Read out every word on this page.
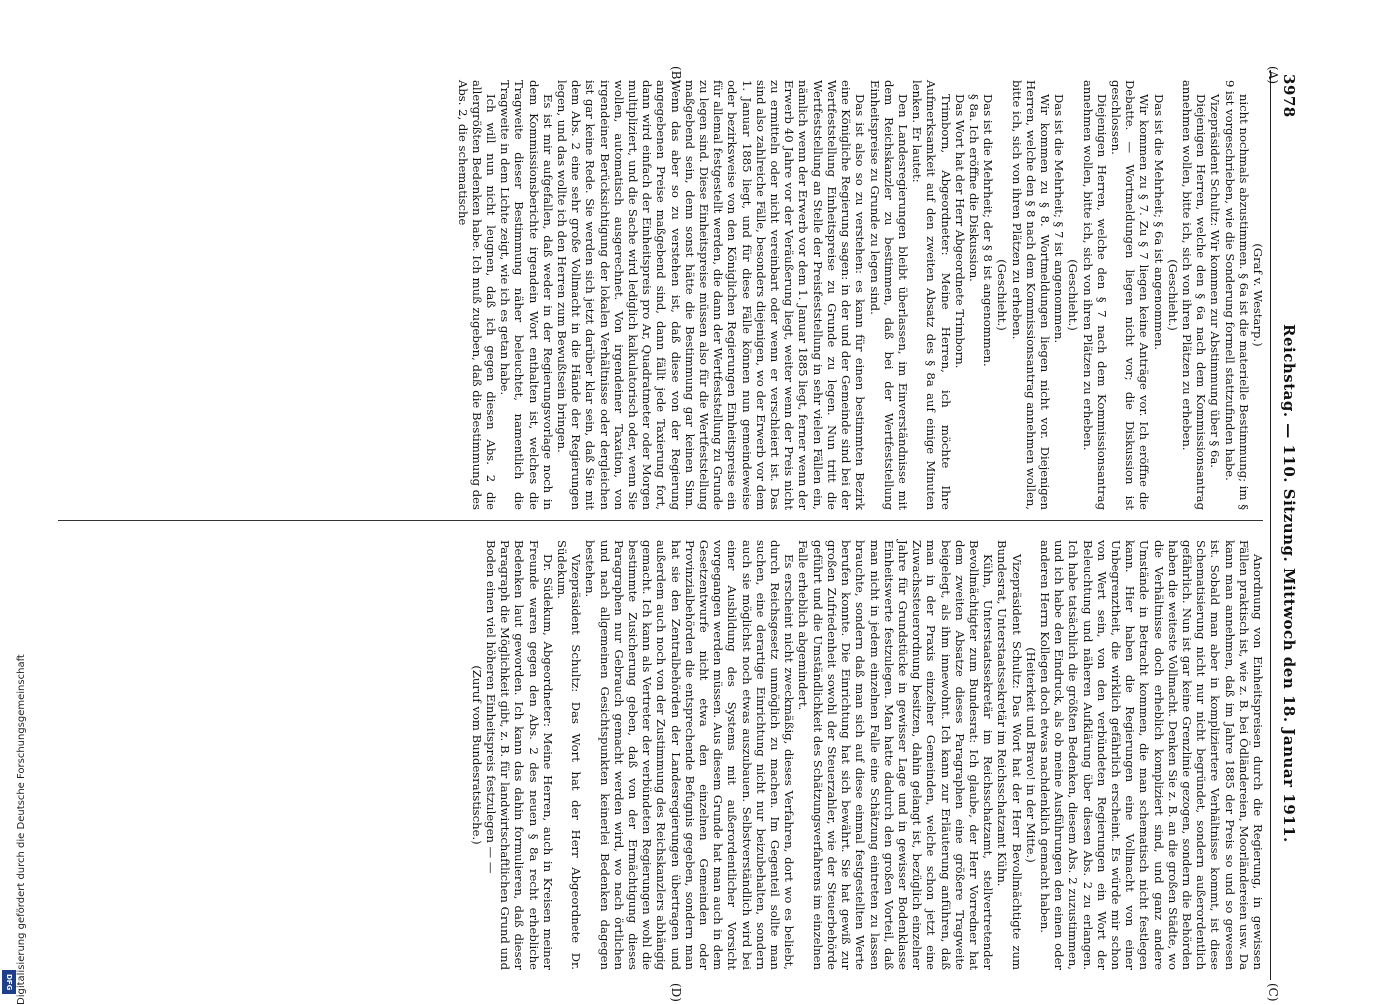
3978
Reichstag. — 110. Sitzung. Mittwoch den 18. Januar 1911.
(A)
(B)
(C)
(D)

(Graf v. Westarp.)

nicht nochmals abzustimmen. § 6a ist die materielle Bestimmung; im § 9 ist vorgeschrieben, wie die Sonderung formell stattzufinden habe.

Vizepräsident Schultz: Wir kommen zur Abstimmung über § 6a.

Diejenigen Herren, welche den § 6a nach dem Kommissionsantrag annehmen wollen, bitte ich, sich von ihren Plätzen zu erheben.

(Geschieht.)

Das ist die Mehrheit; § 6a ist angenommen.

Wir kommen zu § 7. Zu § 7 liegen keine Anträge vor. Ich eröffne die Debatte. — Wortmeldungen liegen nicht vor; die Diskussion ist geschlossen.

Diejenigen Herren, welche den § 7 nach dem Kommissionsantrag annehmen wollen, bitte ich, sich von ihren Plätzen zu erheben.

(Geschieht.)

Das ist die Mehrheit; § 7 ist angenommen.

Wir kommen zu § 8. Wortmeldungen liegen nicht vor. Diejenigen Herren, welche den § 8 nach dem Kommissionsantrag annehmen wollen, bitte ich, sich von ihren Plätzen zu erheben.

(Geschieht.)

Das ist die Mehrheit; der § 8 ist angenommen.

§ 8a. Ich eröffne die Diskussion.

Das Wort hat der Herr Abgeordnete Trimborn.

Trimborn, Abgeordneter: Meine Herren, ich möchte Ihre Aufmerksamkeit auf den zweiten Absatz des § 8a auf einige Minuten lenken. Er lautet:

Den Landesregierungen bleibt überlassen, im Einverständnisse mit dem Reichskanzler zu bestimmen, daß bei der Wertfeststellung Einheitspreise zu Grunde zu legen sind.

Das ist also so zu verstehen: es kann für einen bestimmten Bezirk eine Königliche Regierung sagen: in der und der Gemeinde sind bei der Wertfeststellung Einheitspreise zu Grunde zu legen. Nun tritt die Wertfeststellung an Stelle der Preisfeststellung in sehr vielen Fällen ein, nämlich wenn der Erwerb vor dem 1. Januar 1885 liegt, ferner wenn der Erwerb 40 Jahre vor der Veräußerung liegt, weiter wenn der Preis nicht zu ermitteln oder nicht vereinbart oder wenn er verschleiert ist. Das sind also zahlreiche Fälle, besonders diejenigen, wo der Erwerb vor dem 1. Januar 1885 liegt, und für diese Fälle können nun gemeindeweise oder bezirksweise von den Königlichen Regierungen Einheitspreise ein für allemal festgestellt werden, die dann der Wertfeststellung zu Grunde zu legen sind. Diese Einheitspreise müssen also für die Wertfeststellung maßgebend sein, denn sonst hätte die Bestimmung gar keinen Sinn. Wenn das aber so zu verstehen ist, daß diese von der Regierung angegebenen Preise maßgebend sind, dann fällt jede Taxierung fort, dann wird einfach der Einheitspreis pro Ar, Quadratmeter oder Morgen multipliziert, und die Sache wird lediglich kalkulatorisch oder, wenn Sie wollen, automatisch ausgerechnet. Von irgendeiner Taxation, von irgendeiner Berücksichtigung der lokalen Verhältnisse oder dergleichen ist gar keine Rede. Sie werden sich jetzt darüber klar sein, daß Sie mit dem Abs. 2 eine sehr große Vollmacht in die Hände der Regierungen legen, und das wollte ich den Herren zum Bewußtsein bringen.

Es ist mir aufgefallen, daß weder in der Regierungsvorlage noch in dem Kommissionsberichte irgendein Wort enthalten ist, welches die Tragweite dieser Bestimmung näher beleuchtet, namentlich die Tragweite in dem Lichte zeigt, wie ich es getan habe.

Ich will nun nicht leugnen, daß ich gegen diesen Abs. 2 die allergrößten Bedenken habe. Ich muß zugeben, daß die Bestimmung des Abs. 2, die schematische

Anordnung von Einheitspreisen durch die Regierung, in gewissen Fällen praktisch ist, wie z. B. bei Ödländereien, Moorländereien usw. Da kann man annehmen, daß im Jahre 1885 der Preis so und so gewesen ist. Sobald man aber in kompliziertere Verhältnisse kommt, ist diese Schematisierung nicht nur nicht begründet, sondern außerordentlich gefährlich. Nun ist gar keine Grenzlinie gezogen, sondern die Behörden haben die weiteste Vollmacht. Denken Sie z. B. an die großen Städte, wo die Verhältnisse doch erheblich kompliziert sind, und ganz andere Umstände in Betracht kommen, die man schematisch nicht festlegen kann. Hier haben die Regierungen eine Vollmacht von einer Unbegrenztheit, die wirklich gefährlich erscheint. Es würde mir schon von Wert sein, von den verbündeten Regierungen ein Wort der Beleuchtung und näheren Aufklärung über diesen Abs. 2 zu erlangen. Ich habe tatsächlich die größten Bedenken, diesem Abs. 2 zuzustimmen, und ich habe den Eindruck, als ob meine Ausführungen den einen oder anderen Herrn Kollegen doch etwas nachdenklich gemacht haben.

(Heiterkeit und Bravo! in der Mitte.)

Vizepräsident Schultz: Das Wort hat der Herr Bevollmächtigte zum Bundesrat, Unterstaatssekretär im Reichsschatzamt Kühn.

Kühn, Unterstaatssekretär im Reichsschatzamt, stellvertretender Bevollmächtigter zum Bundesrat: Ich glaube, der Herr Vorredner hat dem zweiten Absatze dieses Paragraphen eine größere Tragweite beigelegt, als ihm innewohnt. Ich kann zur Erläuterung anführen, daß man in der Praxis einzelner Gemeinden, welche schon jetzt eine Zuwachssteuerordnung besitzen, dahin gelangt ist, bezüglich einzelner Jahre für Grundstücke in gewisser Lage und in gewisser Bodenklasse Einheitswerte festzulegen. Man hatte dadurch den großen Vorteil, daß man nicht in jedem einzelnen Falle eine Schätzung eintreten zu lassen brauchte, sondern daß man sich auf diese einmal festgestellten Werte berufen konnte. Die Einrichtung hat sich bewährt. Sie hat gewiß zur großen Zufriedenheit sowohl der Steuerzahler, wie der Steuerbehörde geführt und die Umständlichkeit des Schätzungsverfahrens im einzelnen Falle erheblich abgemindert.

Es erscheint nicht zweckmäßig, dieses Verfahren, dort wo es beliebt, durch Reichsgesetz unmöglich zu machen. Im Gegenteil sollte man suchen, eine derartige Einrichtung nicht nur beizubehalten, sondern auch sie möglichst noch etwas auszubauen. Selbstverständlich wird bei einer Ausbildung des Systems mit außerordentlicher Vorsicht vorgegangen werden müssen. Aus diesem Grunde hat man auch in dem Gesetzentwurfe nicht etwa den einzelnen Gemeinden oder Provinzialbehörden die entsprechende Befugnis gegeben, sondern man hat sie den Zentralbehörden der Landesregierungen übertragen und außerdem auch noch von der Zustimmung des Reichskanzlers abhängig gemacht. Ich kann als Vertreter der verbündeten Regierungen wohl die bestimmte Zusicherung geben, daß von der Ermächtigung dieses Paragraphen nur Gebrauch gemacht werden wird, wo nach örtlichen und nach allgemeinen Gesichtspunkten keinerlei Bedenken dagegen bestehen.

Vizepräsident Schultz: Das Wort hat der Herr Abgeordnete Dr. Südekum.

Dr. Südekum, Abgeordneter: Meine Herren, auch in Kreisen meiner Freunde waren gegen den Abs. 2 des neuen § 8a recht erhebliche Bedenken laut geworden. Ich kann das dahin formulieren, daß dieser Paragraph die Möglichkeit gibt, z. B. für landwirtschaftlichen Grund und Boden einen viel höheren Einheitspreis festzulegen — —

(Zuruf vom Bundesratstische.)

Digitalisierung gefördert durch die Deutsche Forschungsgemeinschaft
DFG
